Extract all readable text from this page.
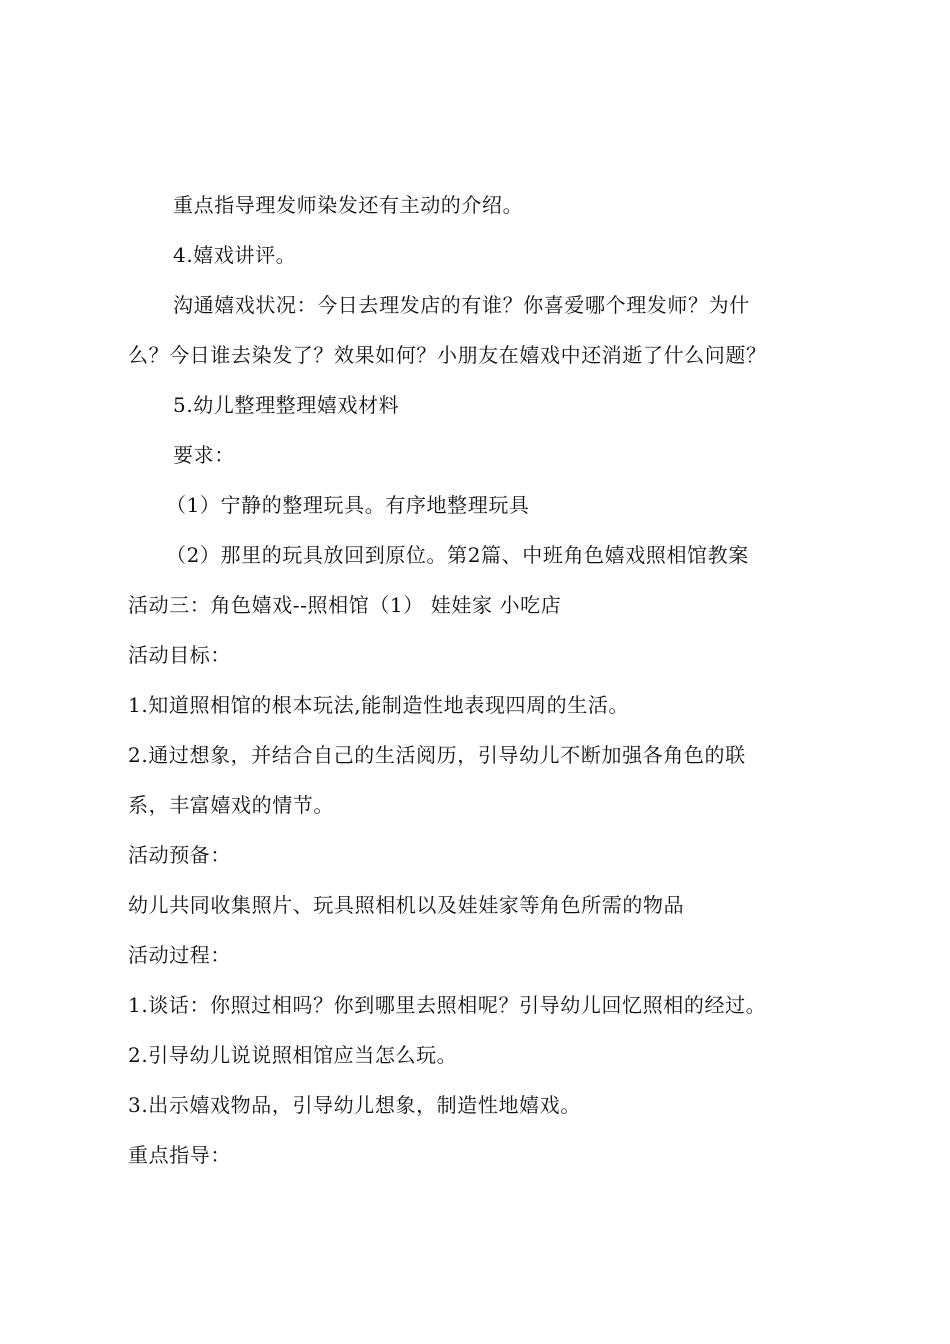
重点指导理发师染发还有主动的介绍。
4.嬉戏讲评。
沟通嬉戏状况：今日去理发店的有谁？你喜爱哪个理发师？为什
么？今日谁去染发了？效果如何？小朋友在嬉戏中还消逝了什么问题？
5.幼儿整理整理嬉戏材料
要求：
（1）宁静的整理玩具。有序地整理玩具
（2）那里的玩具放回到原位。第2篇、中班角色嬉戏照相馆教案
活动三：角色嬉戏--照相馆（1） 娃娃家 小吃店
活动目标：
1.知道照相馆的根本玩法,能制造性地表现四周的生活。
2.通过想象，并结合自己的生活阅历，引导幼儿不断加强各角色的联
系，丰富嬉戏的情节。
活动预备：
幼儿共同收集照片、玩具照相机以及娃娃家等角色所需的物品
活动过程：
1.谈话：你照过相吗？你到哪里去照相呢？引导幼儿回忆照相的经过。
2.引导幼儿说说照相馆应当怎么玩。
3.出示嬉戏物品，引导幼儿想象，制造性地嬉戏。
重点指导：
